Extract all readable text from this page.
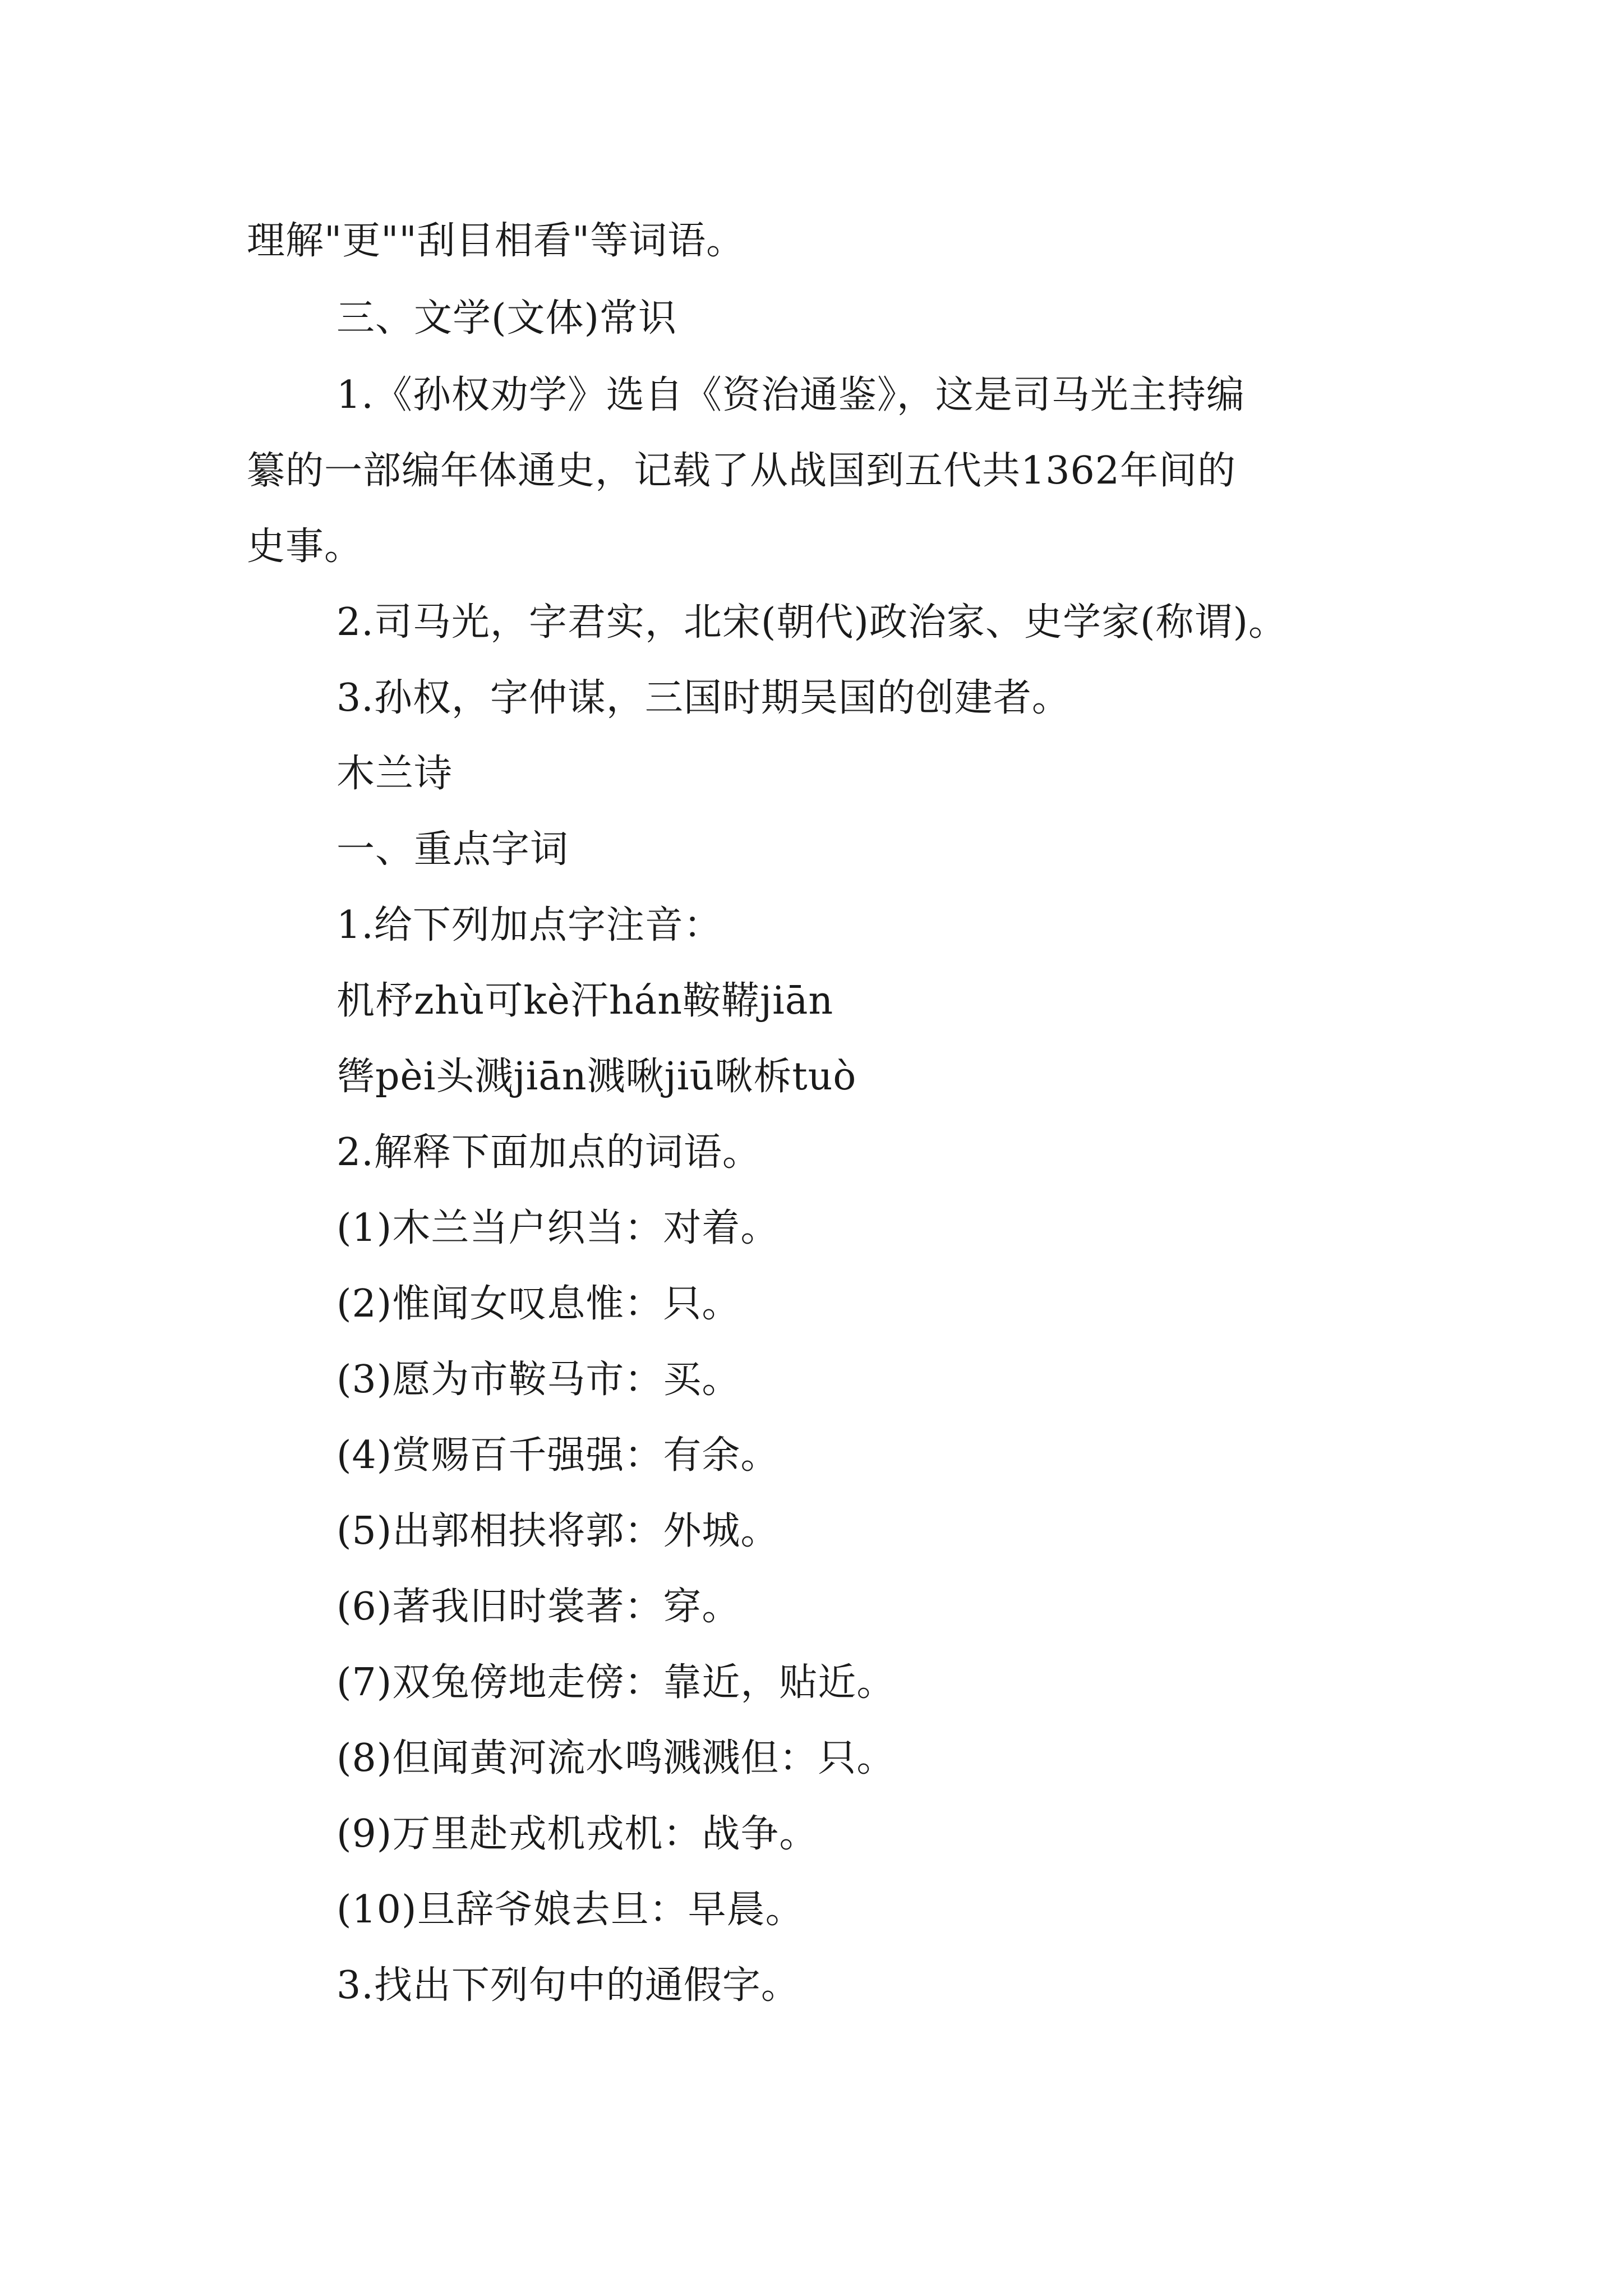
理解"更""刮目相看"等词语。
三、文学(文体)常识
1.《孙权劝学》选自《资治通鉴》，这是司马光主持编
纂的一部编年体通史，记载了从战国到五代共1362年间的
史事。
2.司马光，字君实，北宋(朝代)政治家、史学家(称谓)。
3.孙权，字仲谋，三国时期吴国的创建者。
木兰诗
一、重点字词
1.给下列加点字注音：
机杼zhù可kè汗hán鞍鞯jiān
辔pèi头溅jiān溅啾jiū啾柝tuò
2.解释下面加点的词语。
(1)木兰当户织当：对着。
(2)惟闻女叹息惟：只。
(3)愿为市鞍马市：买。
(4)赏赐百千强强：有余。
(5)出郭相扶将郭：外城。
(6)著我旧时裳著：穿。
(7)双兔傍地走傍：靠近，贴近。
(8)但闻黄河流水鸣溅溅但：只。
(9)万里赴戎机戎机：战争。
(10)旦辞爷娘去旦：早晨。
3.找出下列句中的通假字。
